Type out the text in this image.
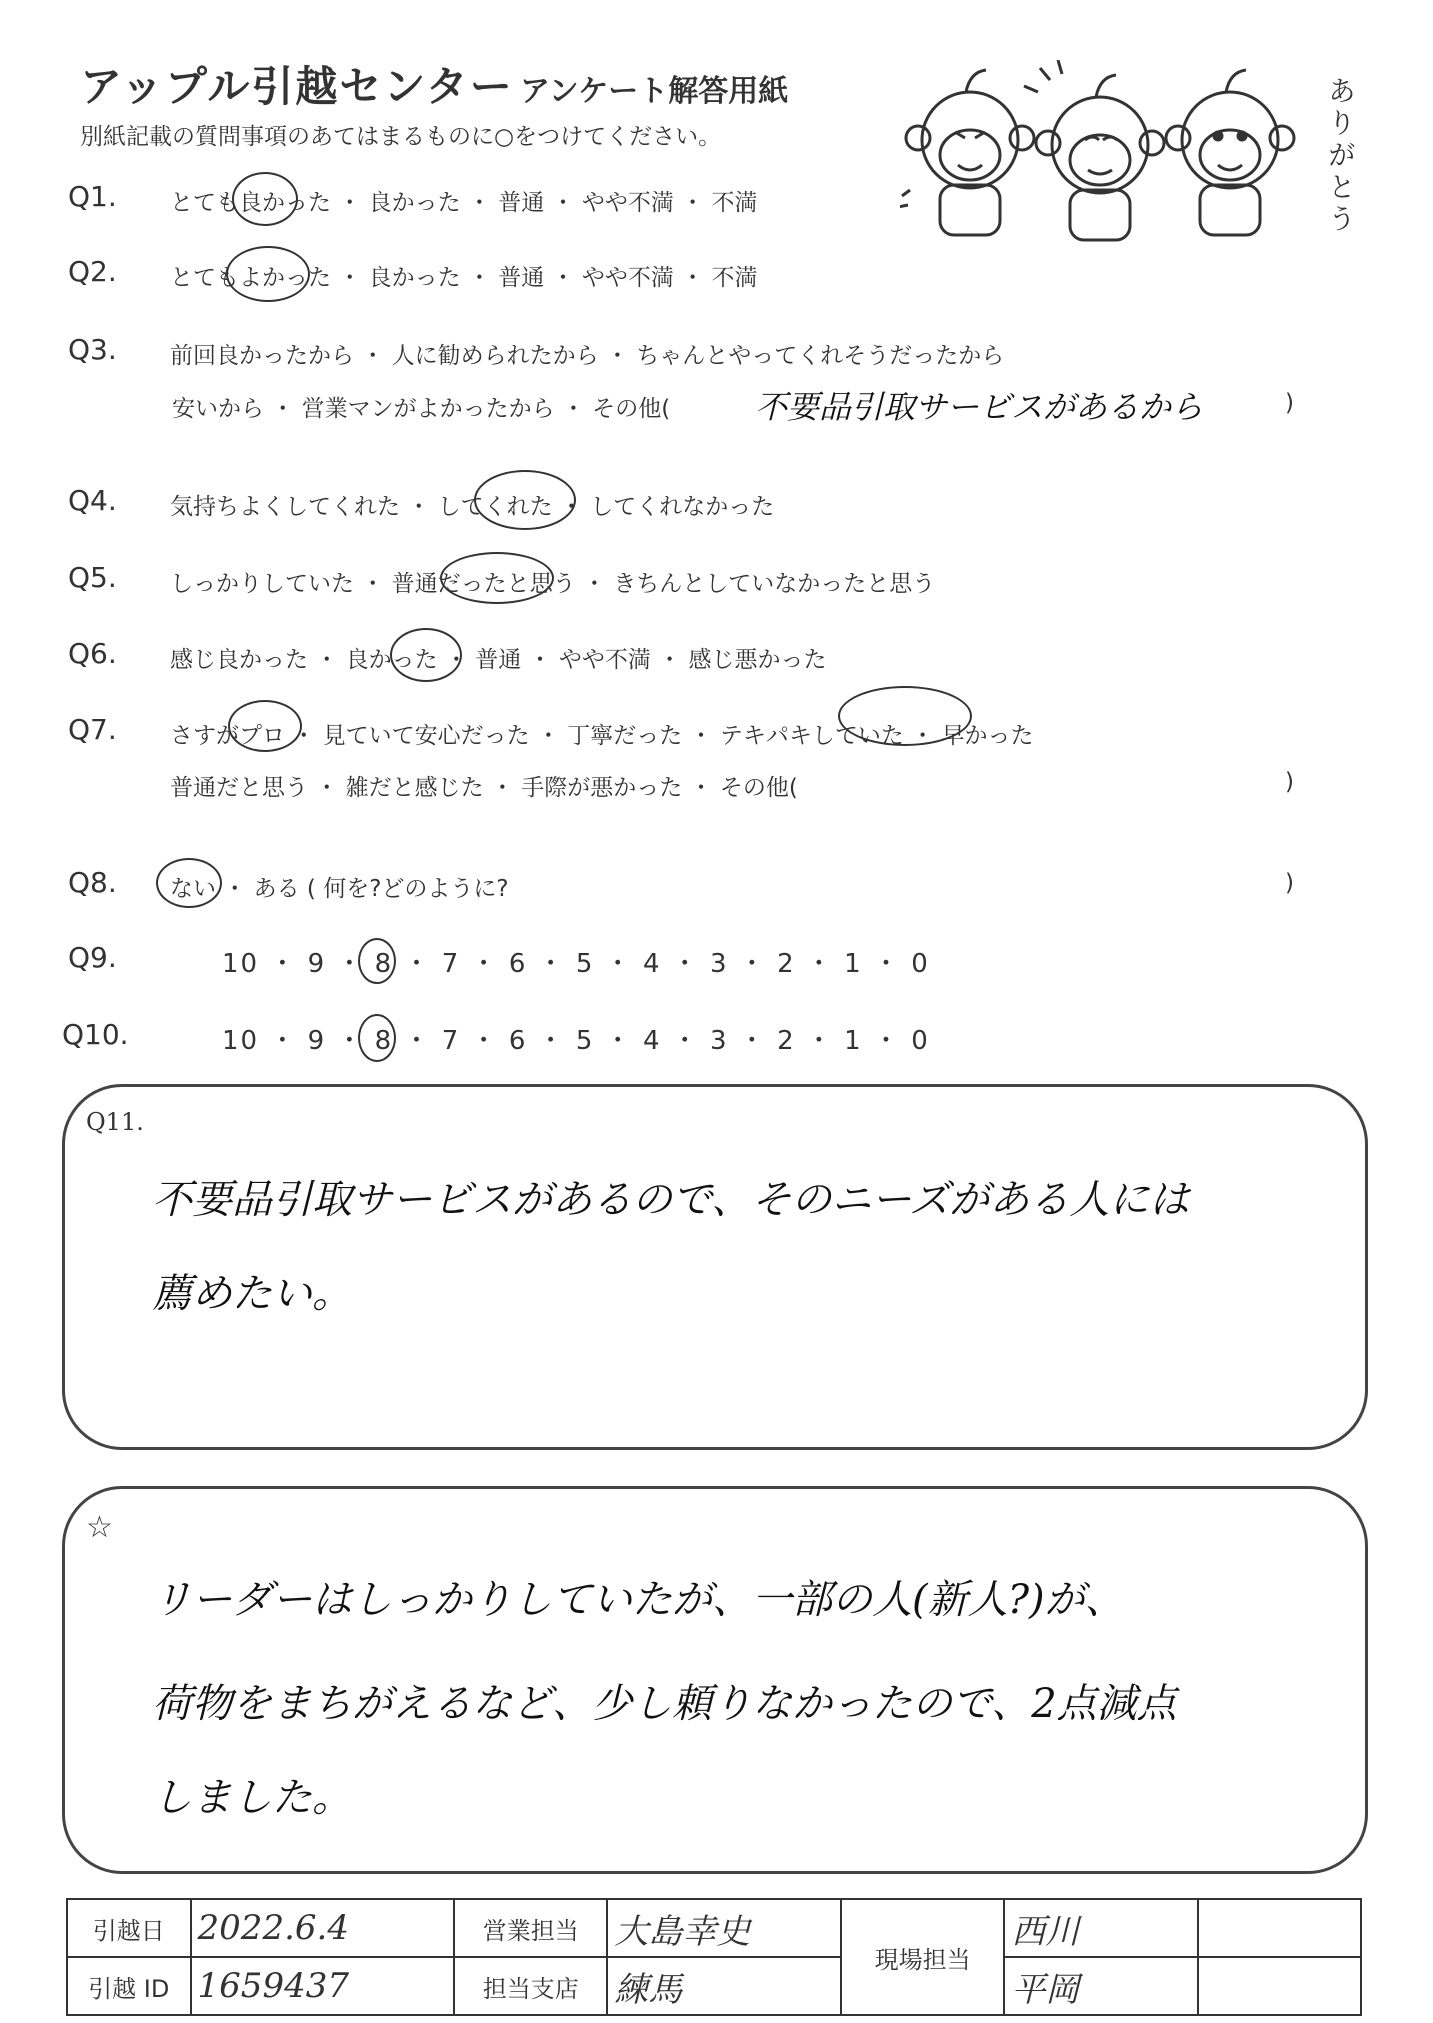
アップル引越センター アンケート解答用紙
別紙記載の質問事項のあてはまるものに○をつけてください。	ありがとう
Q1. とても良かった ・ 良かった ・ 普通 ・ やや不満 ・ 不満
Q2. とてもよかった ・ 良かった ・ 普通 ・ やや不満 ・ 不満
Q3. 前回良かったから ・ 人に勧められたから ・ ちゃんとやってくれそうだったから
安いから ・ 営業マンがよかったから ・ その他(	不要品引取サービスがあるから	)
Q4. 気持ちよくしてくれた ・ してくれた ・ してくれなかった
Q5. しっかりしていた ・ 普通だったと思う ・ きちんとしていなかったと思う
Q6. 感じ良かった ・ 良かった ・ 普通 ・ やや不満 ・ 感じ悪かった
Q7. さすがプロ ・ 見ていて安心だった ・ 丁寧だった ・ テキパキしていた ・ 早かった
普通だと思う ・ 雑だと感じた ・ 手際が悪かった ・ その他(	)
Q8. ない ・ ある ( 何を?どのように?	)
Q9.	10 ・ 9 ・ 8 ・ 7 ・ 6 ・ 5 ・ 4 ・ 3 ・ 2 ・ 1 ・ 0
Q10.	10 ・ 9 ・ 8 ・ 7 ・ 6 ・ 5 ・ 4 ・ 3 ・ 2 ・ 1 ・ 0
Q11.
不要品引取サービスがあるので、そのニーズがある人には
薦めたい。
☆
リーダーはしっかりしていたが、一部の人(新人?)が、
荷物をまちがえるなど、少し頼りなかったので、2点減点
しました。
引越日	2022.6.4	営業担当	大島幸史	現場担当	西川	
引越 ID	1659437	担当支店	練馬		平岡	
